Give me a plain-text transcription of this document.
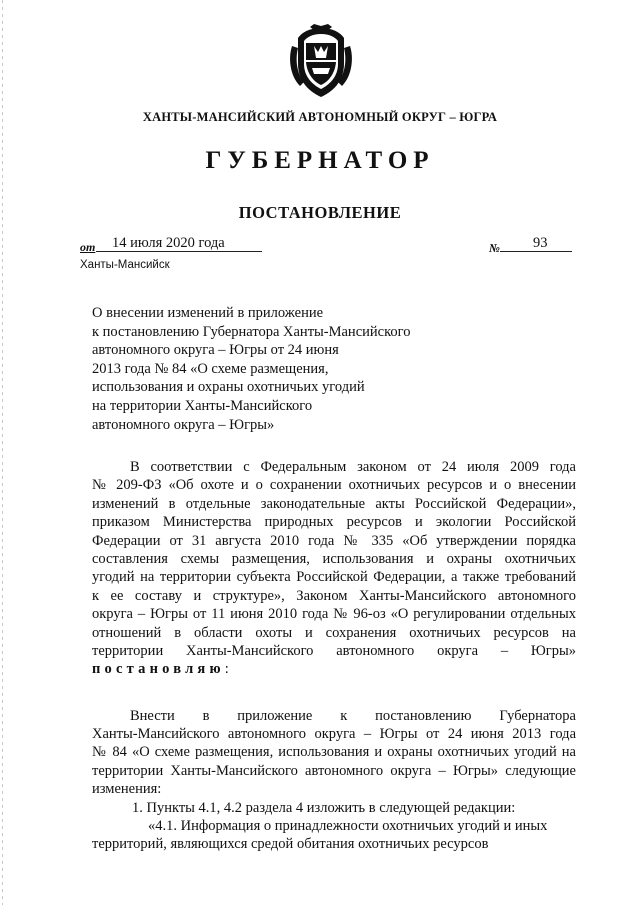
ХАНТЫ-МАНСИЙСКИЙ АВТОНОМНЫЙ ОКРУГ – ЮГРА
ГУБЕРНАТОР
ПОСТАНОВЛЕНИЕ
от 14 июля 2020 года	№ 93
Ханты-Мансийск
О внесении изменений в приложение
к постановлению Губернатора Ханты-Мансийского
автономного округа – Югры от 24 июня
2013 года № 84 «О схеме размещения,
использования и охраны охотничьих угодий
на территории Ханты-Мансийского
автономного округа – Югры»
В соответствии с Федеральным законом от 24 июля 2009 года
№ 209-ФЗ «Об охоте и о сохранении охотничьих ресурсов и о внесении
изменений в отдельные законодательные акты Российской Федерации»,
приказом Министерства природных ресурсов и экологии Российской
Федерации от 31 августа 2010 года № 335 «Об утверждении порядка
составления схемы размещения, использования и охраны охотничьих
угодий на территории субъекта Российской Федерации, а также требований
к ее составу и структуре», Законом Ханты-Мансийского автономного
округа – Югры от 11 июня 2010 года № 96-оз «О регулировании отдельных
отношений в области охоты и сохранения охотничьих ресурсов на
территории Ханты-Мансийского автономного округа – Югры»
постановляю:
Внести в приложение к постановлению Губернатора
Ханты-Мансийского автономного округа – Югры от 24 июня 2013 года
№ 84 «О схеме размещения, использования и охраны охотничьих угодий на
территории Ханты-Мансийского автономного округа – Югры» следующие
изменения:
1. Пункты 4.1, 4.2 раздела 4 изложить в следующей редакции:
«4.1. Информация о принадлежности охотничьих угодий и иных
территорий, являющихся средой обитания охотничьих ресурсов
